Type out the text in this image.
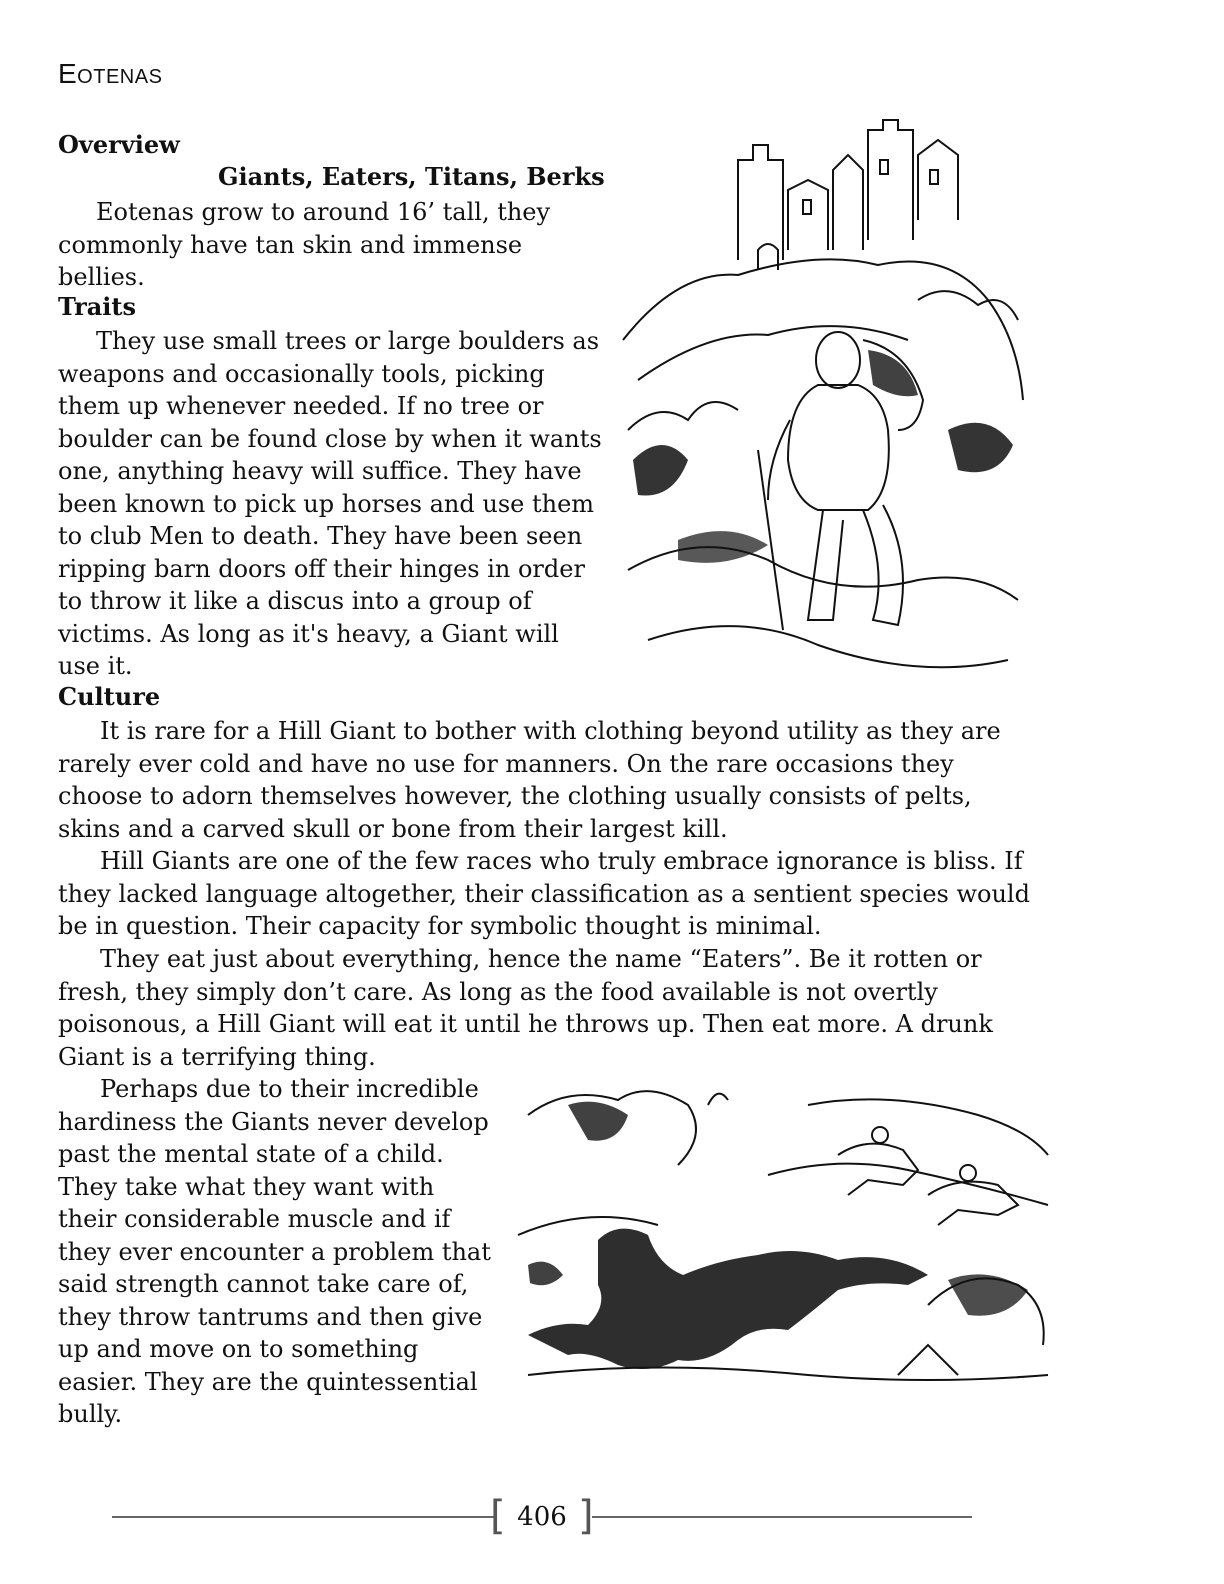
Eotenas
Overview
Giants, Eaters, Titans, Berks

Eotenas grow to around 16’ tall, they commonly have tan skin and immense bellies.

Traits

They use small trees or large boulders as weapons and occasionally tools, picking them up whenever needed. If no tree or boulder can be found close by when it wants one, anything heavy will suffice. They have been known to pick up horses and use them to club Men to death. They have been seen ripping barn doors off their hinges in order to throw it like a discus into a group of victims. As long as it's heavy, a Giant will use it.

Culture

It is rare for a Hill Giant to bother with clothing beyond utility as they are rarely ever cold and have no use for manners. On the rare occasions they choose to adorn themselves however, the clothing usually consists of pelts, skins and a carved skull or bone from their largest kill.

Hill Giants are one of the few races who truly embrace ignorance is bliss. If they lacked language altogether, their classification as a sentient species would be in question. Their capacity for symbolic thought is minimal.

They eat just about everything, hence the name “Eaters”. Be it rotten or fresh, they simply don’t care. As long as the food available is not overtly poisonous, a Hill Giant will eat it until he throws up. Then eat more. A drunk Giant is a terrifying thing.

Perhaps due to their incredible hardiness the Giants never develop past the mental state of a child. They take what they want with their considerable muscle and if they ever encounter a problem that said strength cannot take care of, they throw tantrums and then give up and move on to something easier. They are the quintessential bully.

[ ]
406
